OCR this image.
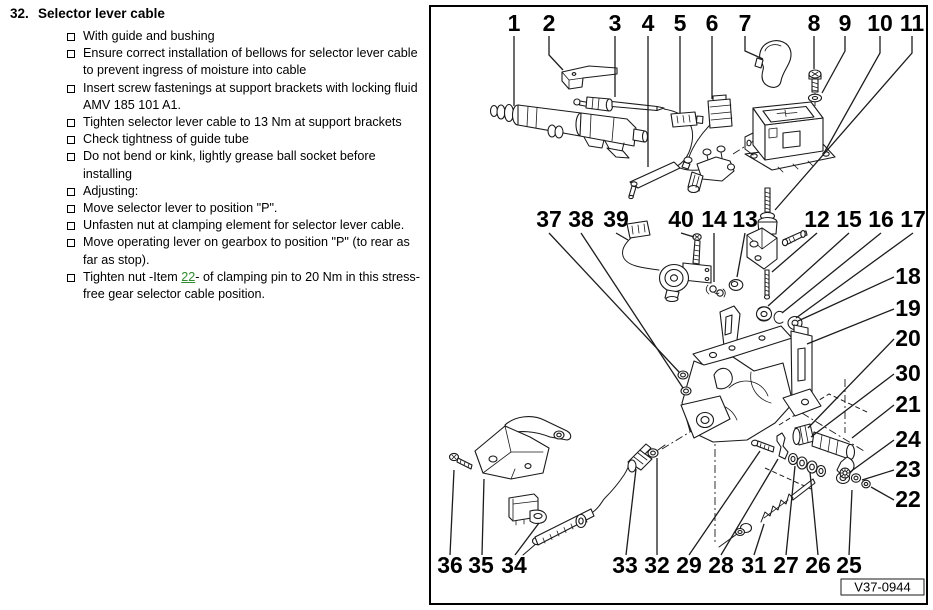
32. Selector lever cable
With guide and bushing
Ensure correct installation of bellows for selector lever cable to prevent ingress of moisture into cable
Insert screw fastenings at support brackets with locking fluid AMV 185 101 A1.
Tighten selector lever cable to 13 Nm at support brackets
Check tightness of guide tube
Do not bend or kink, lightly grease ball socket before installing
Adjusting:
Move selector lever to position "P".
Unfasten nut at clamping element for selector lever cable.
Move operating lever on gearbox to position "P" (to rear as far as stop).
Tighten nut -Item 22- of clamping pin to 20 Nm in this stress-free gear selector cable position.
1 2 3 4 5 6 7 8 9 10 11
37 38 39 40 14 13 12 15 16 17
18
19
20
30
21
24
23
22
36 35 34	33 32 29 28 31 27 26 25
V37-0944
